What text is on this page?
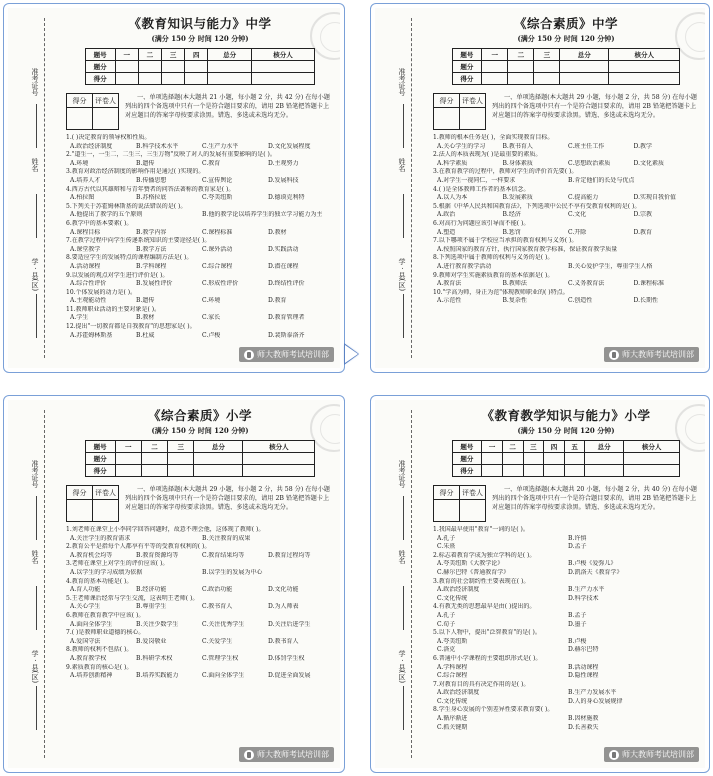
准考证号
姓名
学 · 县(区)
《教育知识与能力》中学
(满分 150 分 时间 120 分钟)
题号	一	二	三	四	总分	核分人
题分						
得分						
得分	评卷人
		一、单项选择题(本大题共 21 小题，每小题 2 分，共 42 分) 在每小题列出的四个备选项中只有一个是符合题目要求的，请用 2B 铅笔把答题卡上对应题目的答案字母按要求涂黑。错选、多选或未选均无分。
1.( )决定教育的领导权和性质。
A.政治经济制度	B.科学技术水平	C.生产力水平	D.文化发展程度
2."道生一，一生二，二生三，三生万物"反映了对人的发展有重要影响的是( )。
A.环境	B.遗传	C.教育	D.主观努力
3.教育对政治经济制度的影响作用是通过( )实现的。
A.培养人才	B.传播思想	C.宣传舆论	D.发展科技
4.西方古代以其雄辩和与青年赞者的问答法著称的教育家是( )。
A.柏拉图	B.苏格拉底	C.夸美纽斯	D.德谟克利特
5.下列关于苏霍姆林斯基的说法错误的是( )。
A.他提出了教学的五个原则	B.他的教学论以培养学生的独立学习能力为主
6.教学中的基本要素( )。
A.课程目标	B.教学内容	C.课程标准	D.教材
7.在教学过程中向学生传递系统知识的主要途径是( )。
A.课堂教学	B.教学方法	C.课外活动	D.实践活动
8.要适应学生的发展特点的课程编制方法是( )。
A.活动课程	B.学科课程	C.综合课程	D.潜在课程
9.以发展的观点对学生进行评价是( )。
A.综合性评价	B.发展性评价	C.形成性评价	D.终结性评价
10.个体发展的动力是( )。
A.主观能动性	B.遗传	C.环境	D.教育
11.教师职业活动的主要对象是( )。
A.学生	B.教材	C.家长	D.教育管理者
12.提出"一切教育都是自我教育"的思想家是( )。
A.苏霍姆林斯基	B.杜威	C.卢梭	D.裴斯泰洛齐
师大教师考试培训部
准考证号
姓名
学 · 县(区)
《综合素质》中学
(满分 150 分 时间 120 分钟)
题号	一	二	三	总分	核分人
题分					
得分					
得分	评卷人
		一、单项选择题(本大题共 29 小题，每小题 2 分，共 58 分) 在每小题列出的四个备选项中只有一个是符合题目要求的，请用 2B 铅笔把答题卡上对应题目的答案字母按要求涂黑。错选、多选或未选均无分。
1.教师的根本任务是( )，全面实现教育目标。
A.关心学生的学习	B.教书育人	C.班主任工作	D.教学
2.法人的本质表现为( )是最重要的素质。
A.科学素质	B.身体素质	C.思想政治素质	D.文化素质
3.在教育教学的过程中，教师对学生的评价首先要( )。
A.对学生一视同仁，一样要求	B.肯定他们的长处与优点
4.( )是全体教师工作者的基本信念。
A.以人为本	B.发展素质	C.提高能力	D.实现自我价值
5.根据《中华人民共和国教育法》，下列选项中公民不享有受教育权利的是( )。
A.政治	B.经济	C.文化	D.宗教
6.对高行为问题应该引导而不能( )。
A.塑造	B.惩罚	C.开除	D.教育
7.以下哪项不属于学校应当承担的教育权利与义务( )。
A.按照国家的教育方针，执行国家教育教学标准，保证教育教学质量
8.下列选项中属于教师的权利与义务的是( )。
A.进行教育教学活动	B.关心爱护学生，尊重学生人格
9.教师对学生实施素质教育的基本依据是( )。
A.教育法	B.教师法	C.义务教育法	D.课程标准
10."学高为师，身正为范"体现教师职业的( )特点。
A.示范性	B.复杂性	C.创造性	D.长期性
师大教师考试培训部
准考证号
姓名
学 · 县(区)
《综合素质》小学
(满分 150 分 时间 120 分钟)
题号	一	二	三	总分	核分人
题分					
得分					
得分	评卷人
		一、单项选择题(本大题共 29 小题，每小题 2 分，共 58 分) 在每小题列出的四个备选项中只有一个是符合题目要求的，请用 2B 铅笔把答题卡上对应题目的答案字母按要求涂黑。错选、多选或未选均无分。
1.刘老师在课堂上小李同学回答问题时，故意不理会他，这体现了教师( )。
A.关注学生的教育需求	B.关注教育的成果
2.教育公平是指每个人都享有平等的受教育权利的( )。
A.教育机会均等	B.教育资源均等	C.教育结果均等	D.教育过程均等
3.老师在课堂上对学生的评价应该( )。
A.以学生的学习成绩为依据	B.以学生的发展为中心
4.教育的基本功能是( )。
A.育人功能	B.经济功能	C.政治功能	D.文化功能
5.王老师课后经常与学生交流，这表明王老师( )。
A.关心学生	B.尊重学生	C.教书育人	D.为人师表
6.教师在教育教学中应该( )。
A.面向全体学生	B.关注少数学生	C.关注优秀学生	D.关注后进学生
7.( )是教师职业道德的核心。
A.爱国守法	B.爱岗敬业	C.关爱学生	D.教书育人
8.教师的权利不包括( )。
A.教育教学权	B.科研学术权	C.管理学生权	D.体罚学生权
9.素质教育的核心是( )。
A.培养创新精神	B.培养实践能力	C.面向全体学生	D.促进全面发展
师大教师考试培训部
准考证号
姓名
学 · 县(区)
《教育教学知识与能力》小学
(满分 150 分 时间 120 分钟)
题号	一	二	三	四	五	总分	核分人
题分							
得分							
得分	评卷人
		一、单项选择题(本大题共 20 小题，每小题 2 分，共 40 分) 在每小题列出的四个备选项中只有一个是符合题目要求的，请用 2B 铅笔把答题卡上对应题目的答案字母按要求涂黑。错选、多选或未选均无分。
1.我国最早使用"教育"一词的是( )。
A.孔子	B.许慎
C.朱熹	D.孟子
2.标志着教育学成为独立学科的是( )。
A.夸美纽斯《大教学论》	B.卢梭《爱弥儿》
C.赫尔巴特《普通教育学》	D.凯洛夫《教育学》
3.教育的社会制约性主要表现在( )。
A.政治经济制度	B.生产力水平
C.文化传统	D.科学技术
4.有教无类的思想最早是由( )提出的。
A.孔子	B.孟子
C.荀子	D.墨子
5.以下人物中，提出"泛智教育"的是( )。
A.夸美纽斯	B.卢梭
C.洛克	D.赫尔巴特
6.普通中小学课程的主要组织形式是( )。
A.学科课程	B.活动课程
C.综合课程	D.隐性课程
7.对教育目的具有决定作用的是( )。
A.政治经济制度	B.生产力发展水平
C.文化传统	D.人的身心发展规律
8.学生身心发展的个别差异性要求教育要( )。
A.循序渐进	B.因材施教
C.抓关键期	D.长善救失
师大教师考试培训部
